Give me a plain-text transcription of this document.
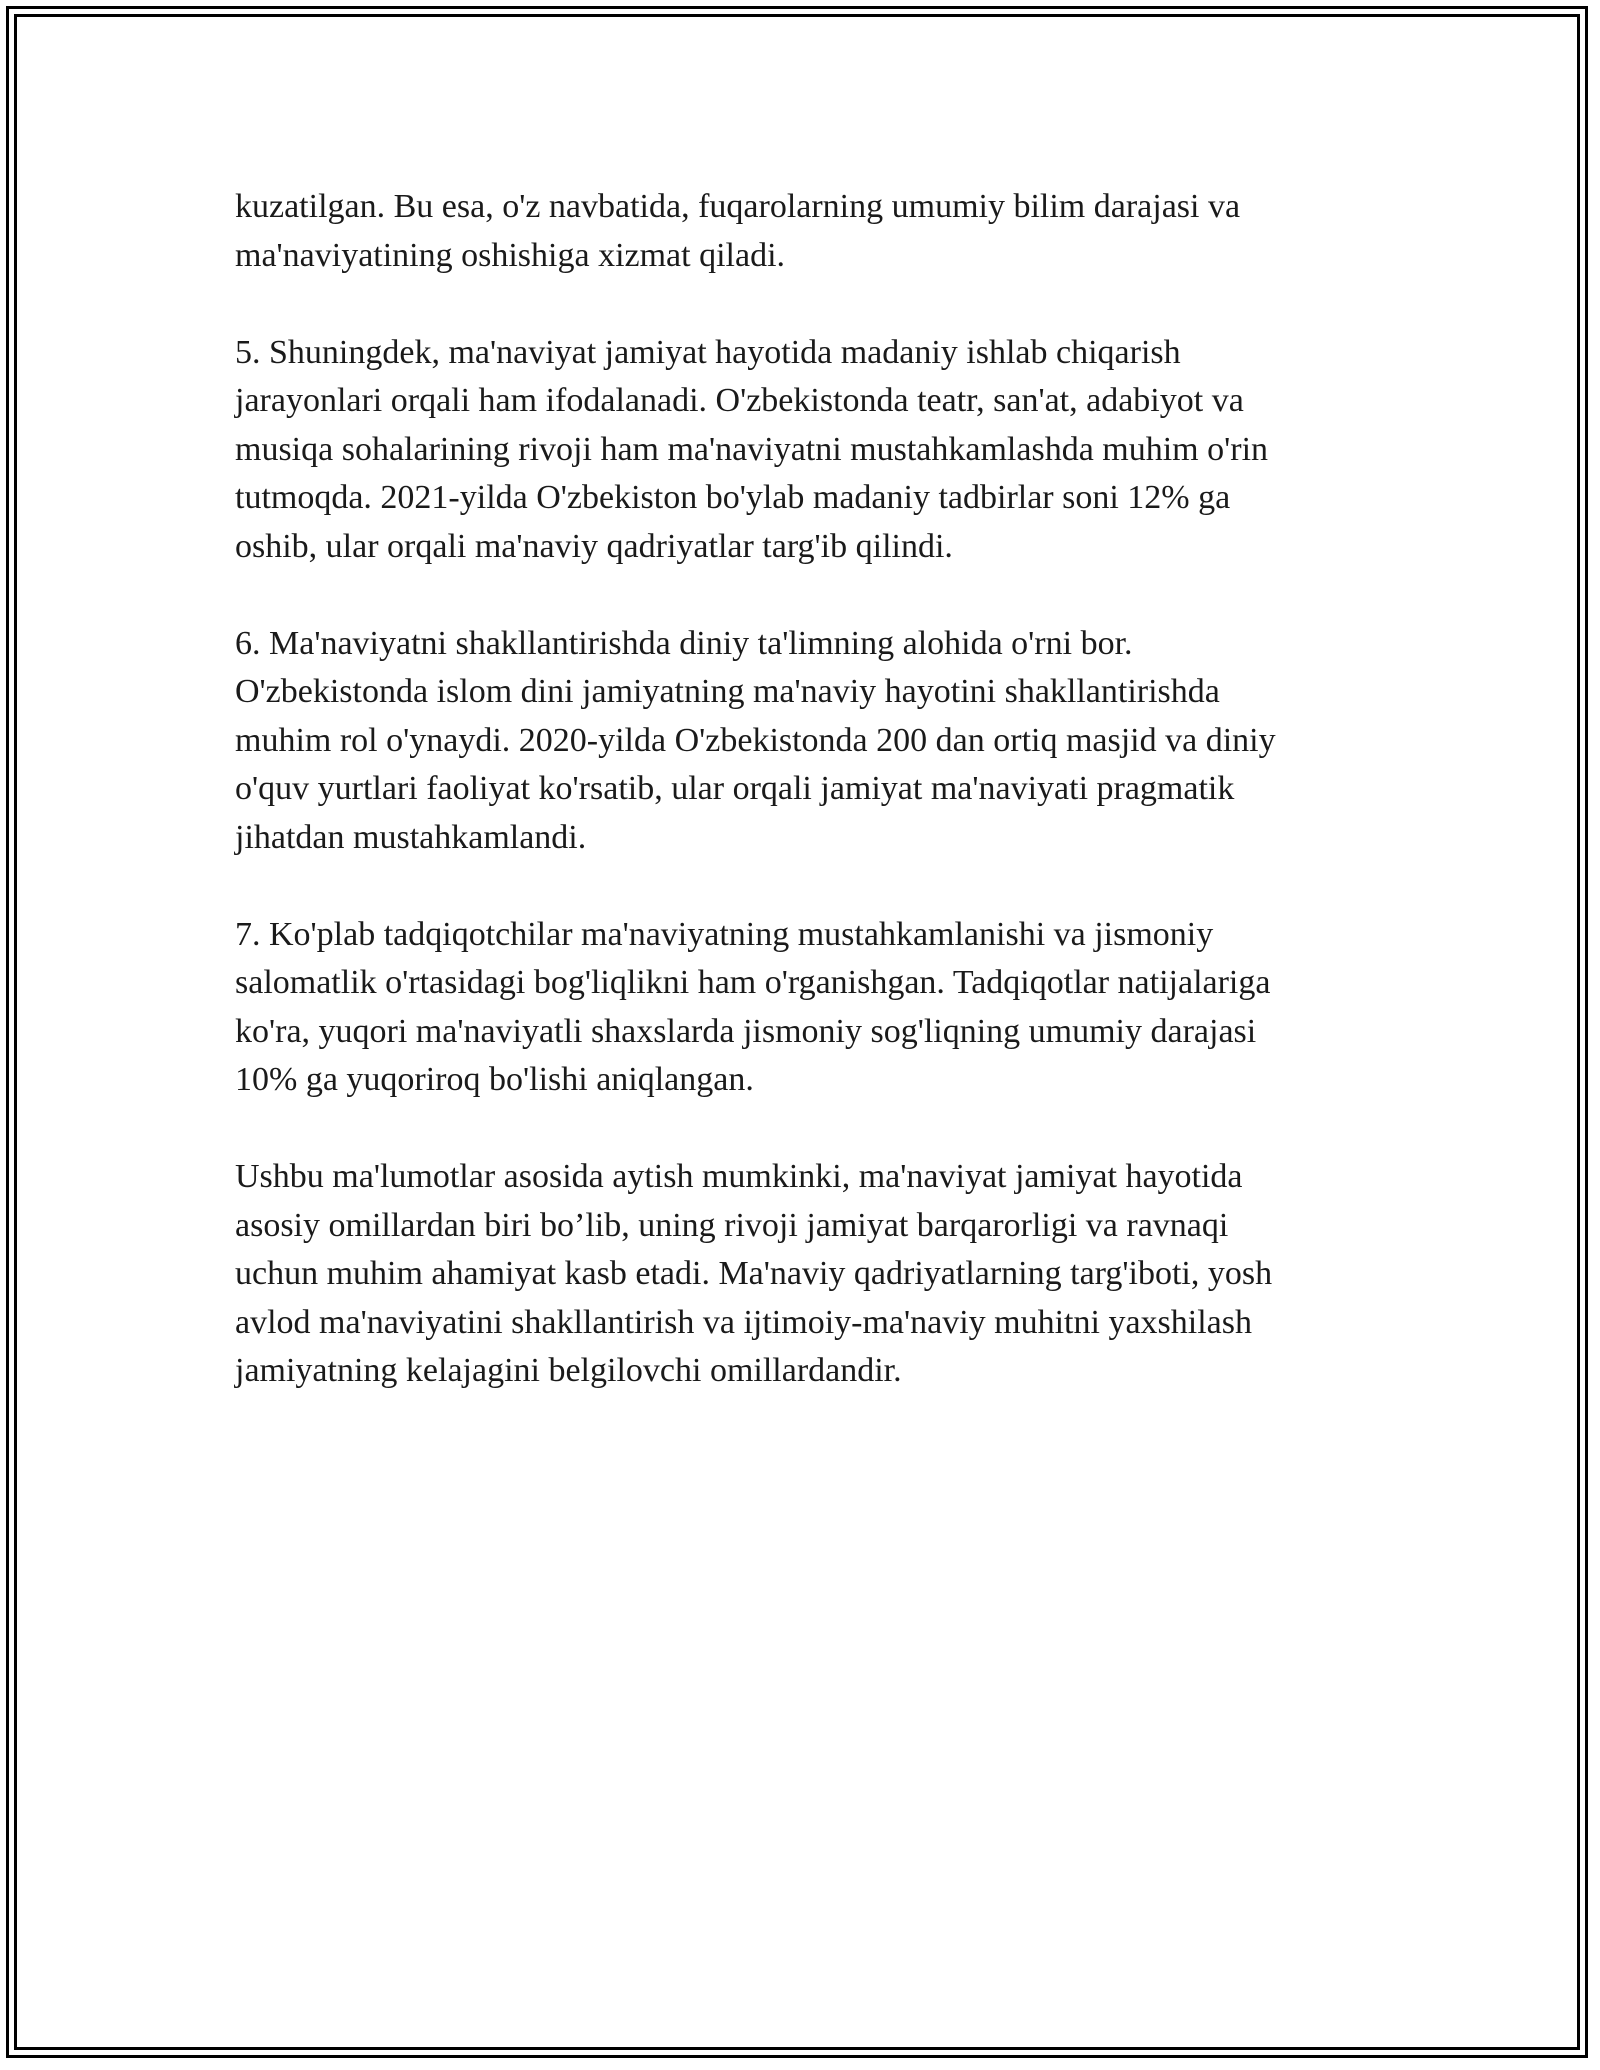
kuzatilgan. Bu esa, o'z navbatida, fuqarolarning umumiy bilim darajasi va
ma'naviyatining oshishiga xizmat qiladi.

5. Shuningdek, ma'naviyat jamiyat hayotida madaniy ishlab chiqarish
jarayonlari orqali ham ifodalanadi. O'zbekistonda teatr, san'at, adabiyot va
musiqa sohalarining rivoji ham ma'naviyatni mustahkamlashda muhim o'rin
tutmoqda. 2021-yilda O'zbekiston bo'ylab madaniy tadbirlar soni 12% ga
oshib, ular orqali ma'naviy qadriyatlar targ'ib qilindi.

6. Ma'naviyatni shakllantirishda diniy ta'limning alohida o'rni bor.
O'zbekistonda islom dini jamiyatning ma'naviy hayotini shakllantirishda
muhim rol o'ynaydi. 2020-yilda O'zbekistonda 200 dan ortiq masjid va diniy
o'quv yurtlari faoliyat ko'rsatib, ular orqali jamiyat ma'naviyati pragmatik
jihatdan mustahkamlandi.

7. Ko'plab tadqiqotchilar ma'naviyatning mustahkamlanishi va jismoniy
salomatlik o'rtasidagi bog'liqlikni ham o'rganishgan. Tadqiqotlar natijalariga
ko'ra, yuqori ma'naviyatli shaxslarda jismoniy sog'liqning umumiy darajasi
10% ga yuqoriroq bo'lishi aniqlangan.

Ushbu ma'lumotlar asosida aytish mumkinki, ma'naviyat jamiyat hayotida
asosiy omillardan biri bo’lib, uning rivoji jamiyat barqarorligi va ravnaqi
uchun muhim ahamiyat kasb etadi. Ma'naviy qadriyatlarning targ'iboti, yosh
avlod ma'naviyatini shakllantirish va ijtimoiy-ma'naviy muhitni yaxshilash
jamiyatning kelajagini belgilovchi omillardandir.
